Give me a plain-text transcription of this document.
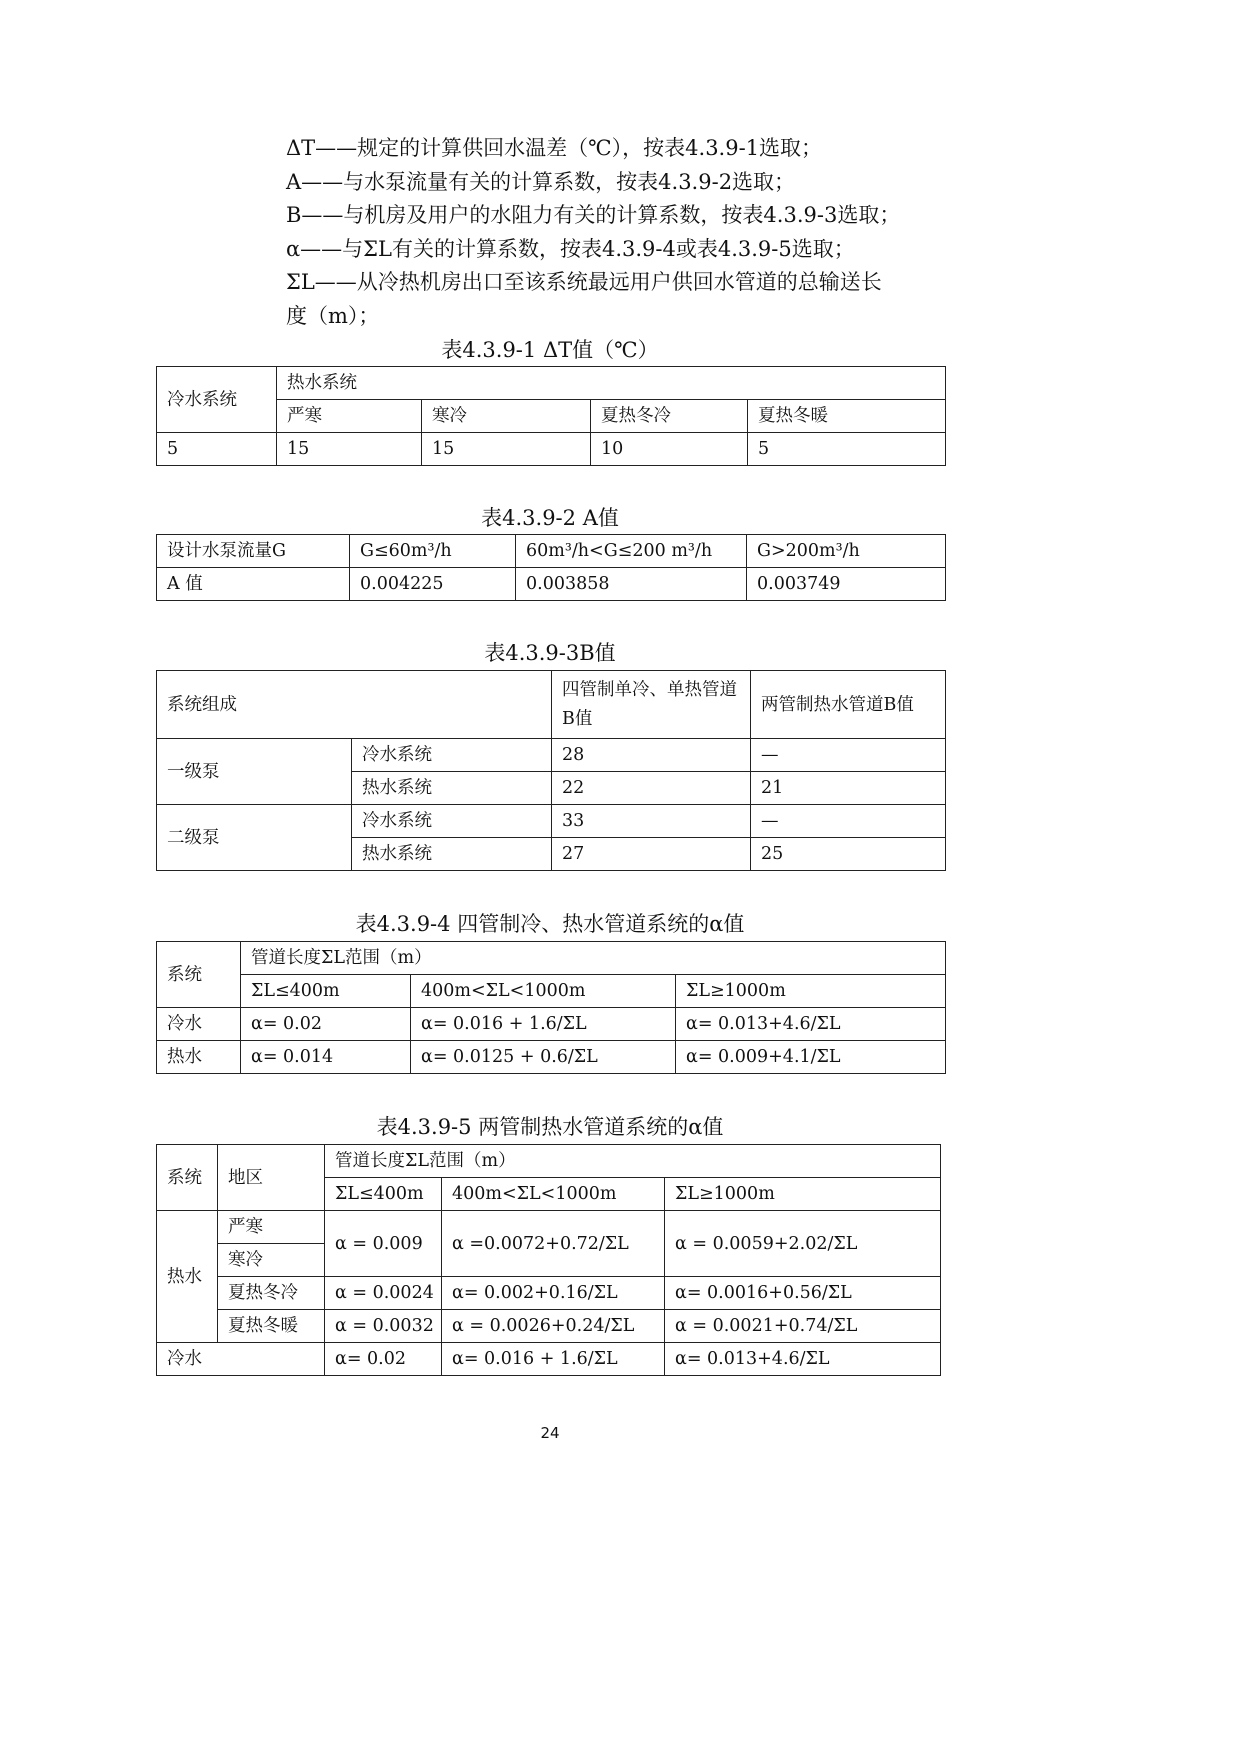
ΔT——规定的计算供回水温差（℃），按表4.3.9-1选取；
A——与水泵流量有关的计算系数，按表4.3.9-2选取；
B——与机房及用户的水阻力有关的计算系数，按表4.3.9-3选取；
α——与ΣL有关的计算系数，按表4.3.9-4或表4.3.9-5选取；
ΣL——从冷热机房出口至该系统最远用户供回水管道的总输送长
度（m）；
表4.3.9-1 ΔT值（℃）
冷水系统	热水系统			
	严寒	寒冷	夏热冬冷	夏热冬暖
5	15	15	10	5
表4.3.9-2 A值
设计水泵流量G	G≤60m³/h	60m³/h<G≤200 m³/h	G>200m³/h
A 值	0.004225	0.003858	0.003749
表4.3.9-3B值
系统组成		四管制单冷、单热管道B值	两管制热水管道B值
一级泵	冷水系统	28	—
	热水系统	22	21
二级泵	冷水系统	33	—
	热水系统	27	25
表4.3.9-4 四管制冷、热水管道系统的α值
系统	管道长度ΣL范围（m）		
	ΣL≤400m	400m<ΣL<1000m	ΣL≥1000m
冷水	α= 0.02	α= 0.016 + 1.6/ΣL	α= 0.013+4.6/ΣL
热水	α= 0.014	α= 0.0125 + 0.6/ΣL	α= 0.009+4.1/ΣL
表4.3.9-5 两管制热水管道系统的α值
系统	地区	管道长度ΣL范围（m）		
		ΣL≤400m	400m<ΣL<1000m	ΣL≥1000m
热水	严寒	α = 0.009	α =0.0072+0.72/ΣL	α = 0.0059+2.02/ΣL
	寒冷			
	夏热冬冷	α = 0.0024	α= 0.002+0.16/ΣL	α= 0.0016+0.56/ΣL
	夏热冬暖	α = 0.0032	α = 0.0026+0.24/ΣL	α = 0.0021+0.74/ΣL
冷水		α= 0.02	α= 0.016 + 1.6/ΣL	α= 0.013+4.6/ΣL
24
